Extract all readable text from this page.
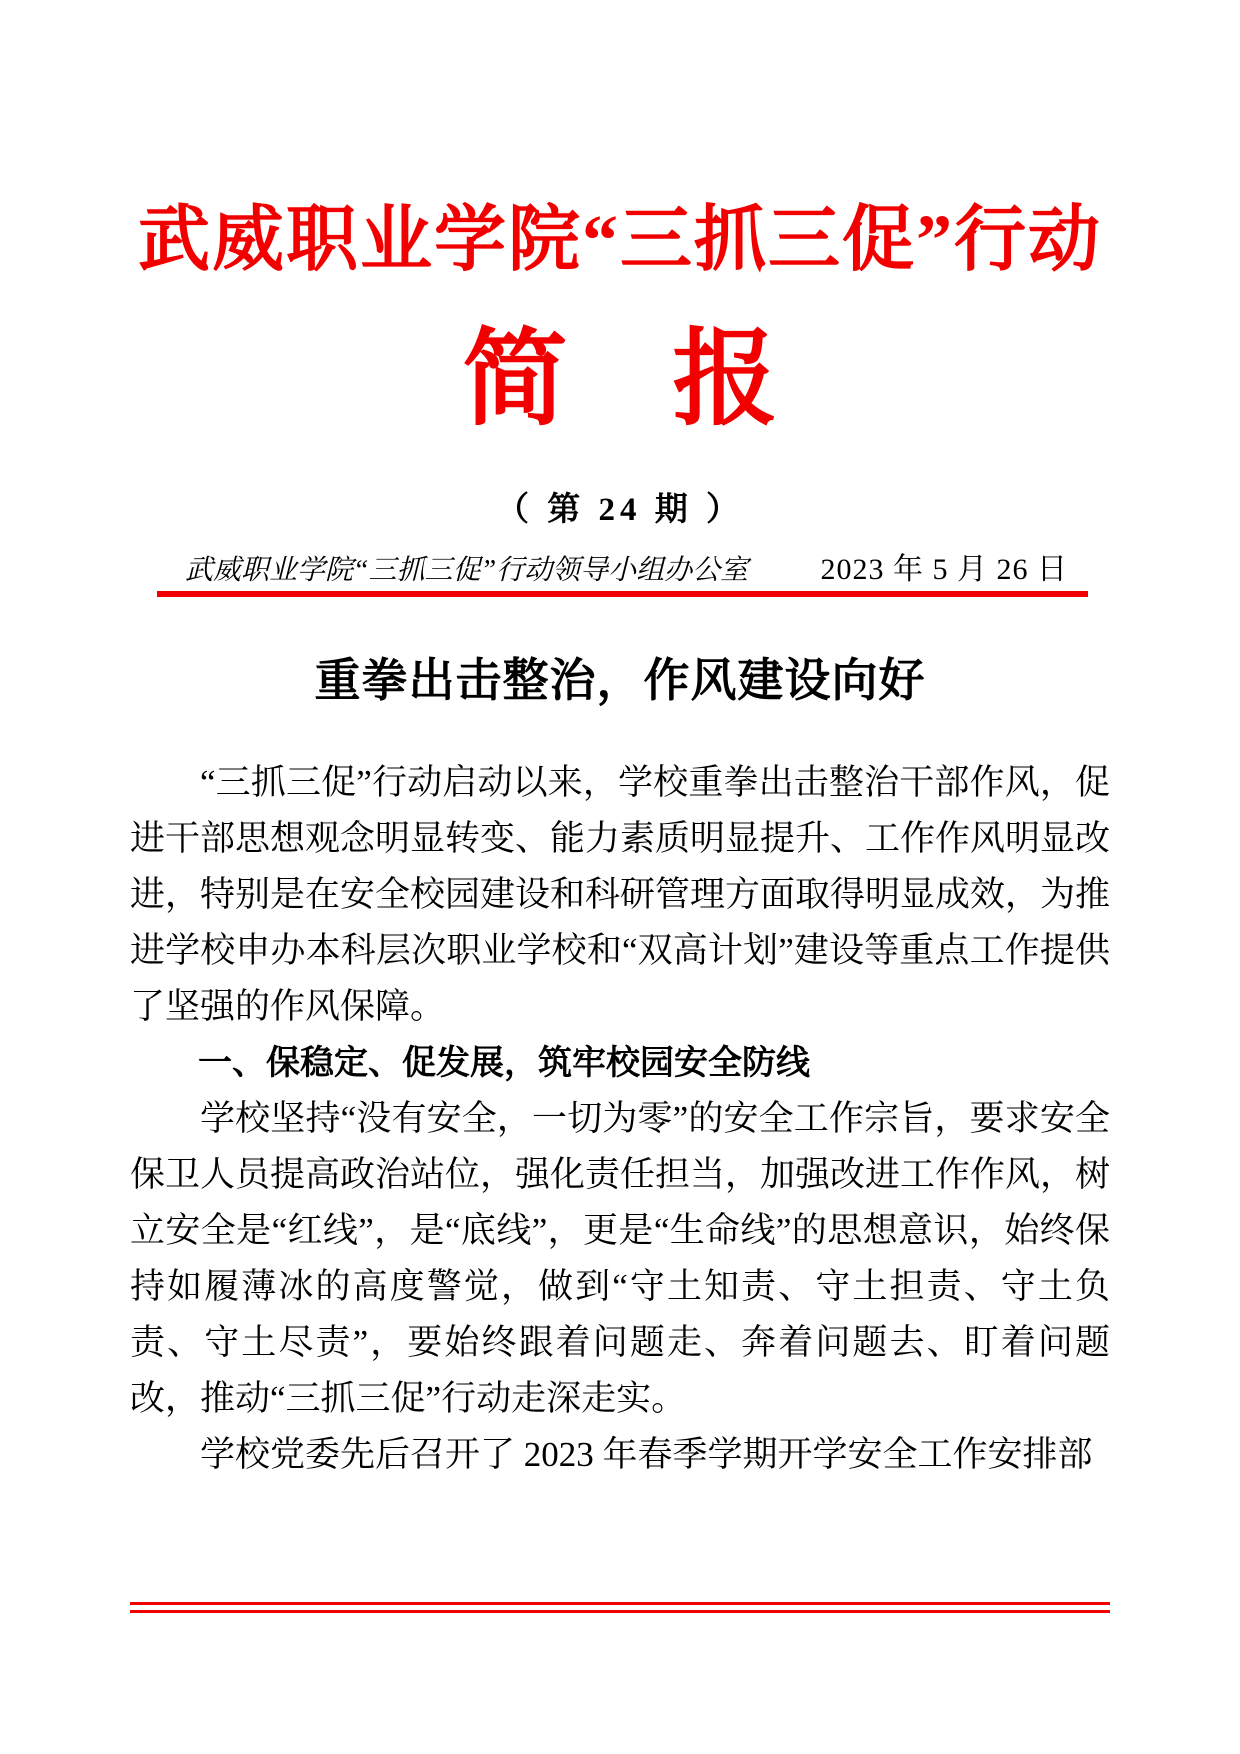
武威职业学院“三抓三促”行动
简　报
（ 第 24 期 ）
武威职业学院“三抓三促”行动领导小组办公室 2023 年 5 月 26 日
重拳出击整治，作风建设向好

“三抓三促”行动启动以来，学校重拳出击整治干部作风，促进干部思想观念明显转变、能力素质明显提升、工作作风明显改进，特别是在安全校园建设和科研管理方面取得明显成效，为推进学校申办本科层次职业学校和“双高计划”建设等重点工作提供了坚强的作风保障。

一、保稳定、促发展，筑牢校园安全防线

学校坚持“没有安全，一切为零”的安全工作宗旨，要求安全保卫人员提高政治站位，强化责任担当，加强改进工作作风，树立安全是“红线”，是“底线”，更是“生命线”的思想意识，始终保持如履薄冰的高度警觉，做到“守土知责、守土担责、守土负责、守土尽责”，要始终跟着问题走、奔着问题去、盯着问题改，推动“三抓三促”行动走深走实。

学校党委先后召开了 2023 年春季学期开学安全工作安排部
